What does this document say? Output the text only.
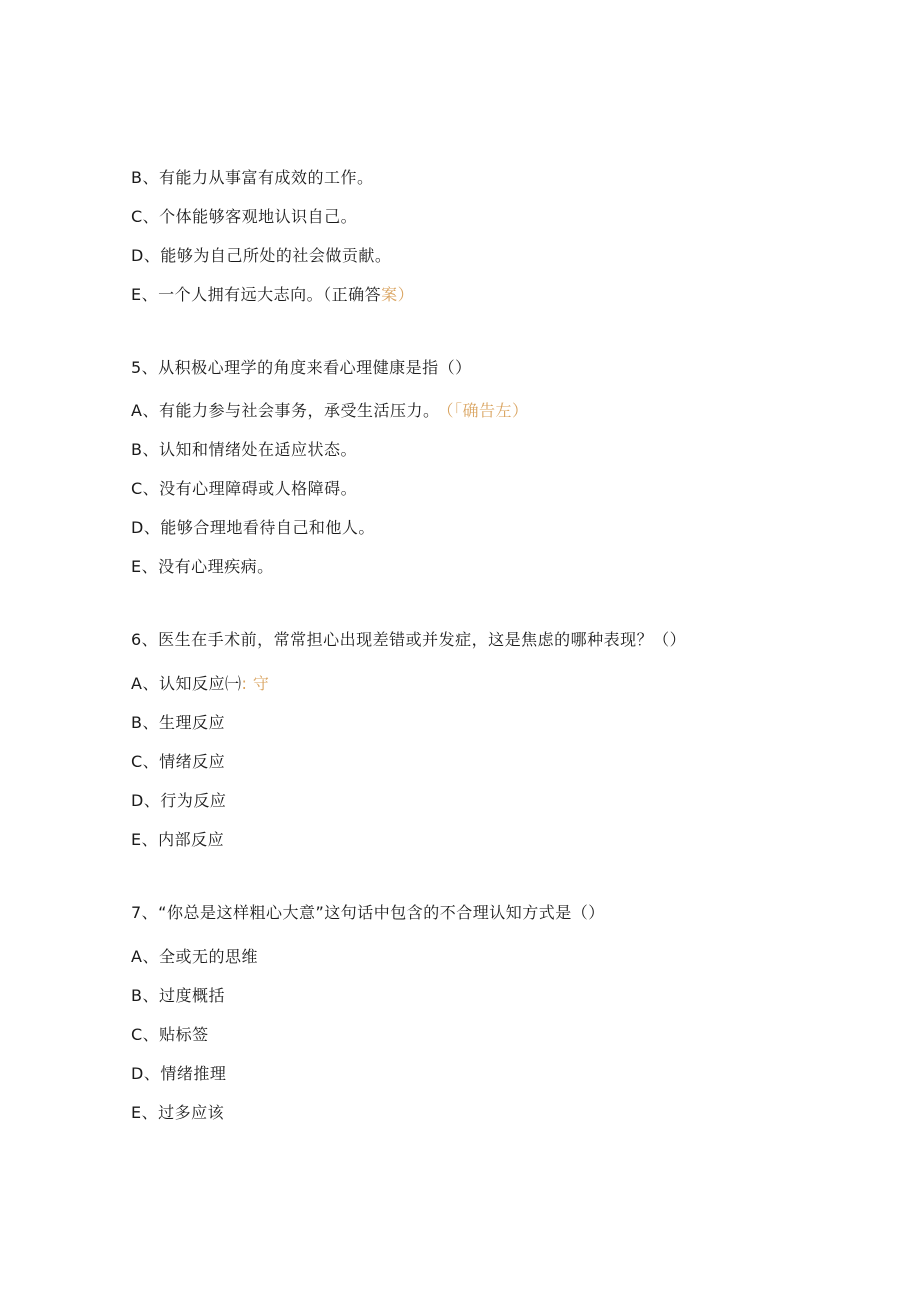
B、有能力从事富有成效的工作。
C、个体能够客观地认识自己。
D、能够为自己所处的社会做贡献。
E、一个人拥有远大志向。（正确答案）
5、从积极心理学的角度来看心理健康是指（）
A、有能力参与社会事务，承受生活压力。 （「确告左）
B、认知和情绪处在适应状态。
C、没有心理障碍或人格障碍。
D、能够合理地看待自己和他人。
E、没有心理疾病。
6、医生在手术前，常常担心出现差错或并发症，这是焦虑的哪种表现？（）
A、认知反应㈠: 守
B、生理反应
C、情绪反应
D、行为反应
E、内部反应
7、“你总是这样粗心大意”这句话中包含的不合理认知方式是（）
A、全或无的思维
B、过度概括
C、贴标签
D、情绪推理
E、过多应该
